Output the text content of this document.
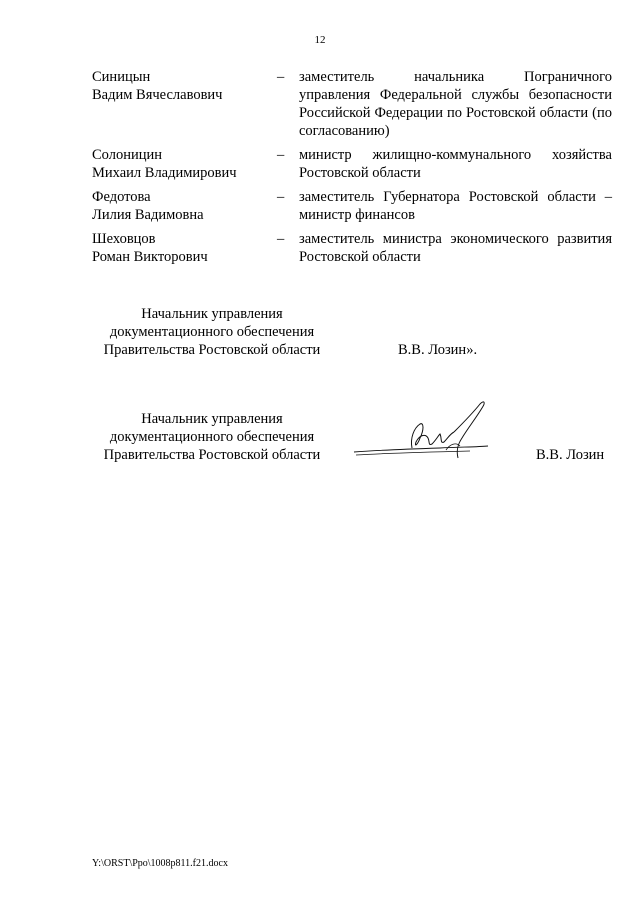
12
Синицын
Вадим Вячеславович
–	заместитель начальника Пограничного управления Федеральной службы безопасности Российской Федерации по Ростовской области (по согласованию)
Солоницин
Михаил Владимирович
–	министр жилищно-коммунального хозяйства Ростовской области
Федотова
Лилия Вадимовна
–	заместитель Губернатора Ростовской области – министр финансов
Шеховцов
Роман Викторович
–	заместитель министра экономического развития Ростовской области
Начальник управления
документационного обеспечения
Правительства Ростовской области	В.В. Лозин».
Начальник управления
документационного обеспечения
Правительства Ростовской области	В.В. Лозин
Y:\ORST\Ppo\1008p811.f21.docx
